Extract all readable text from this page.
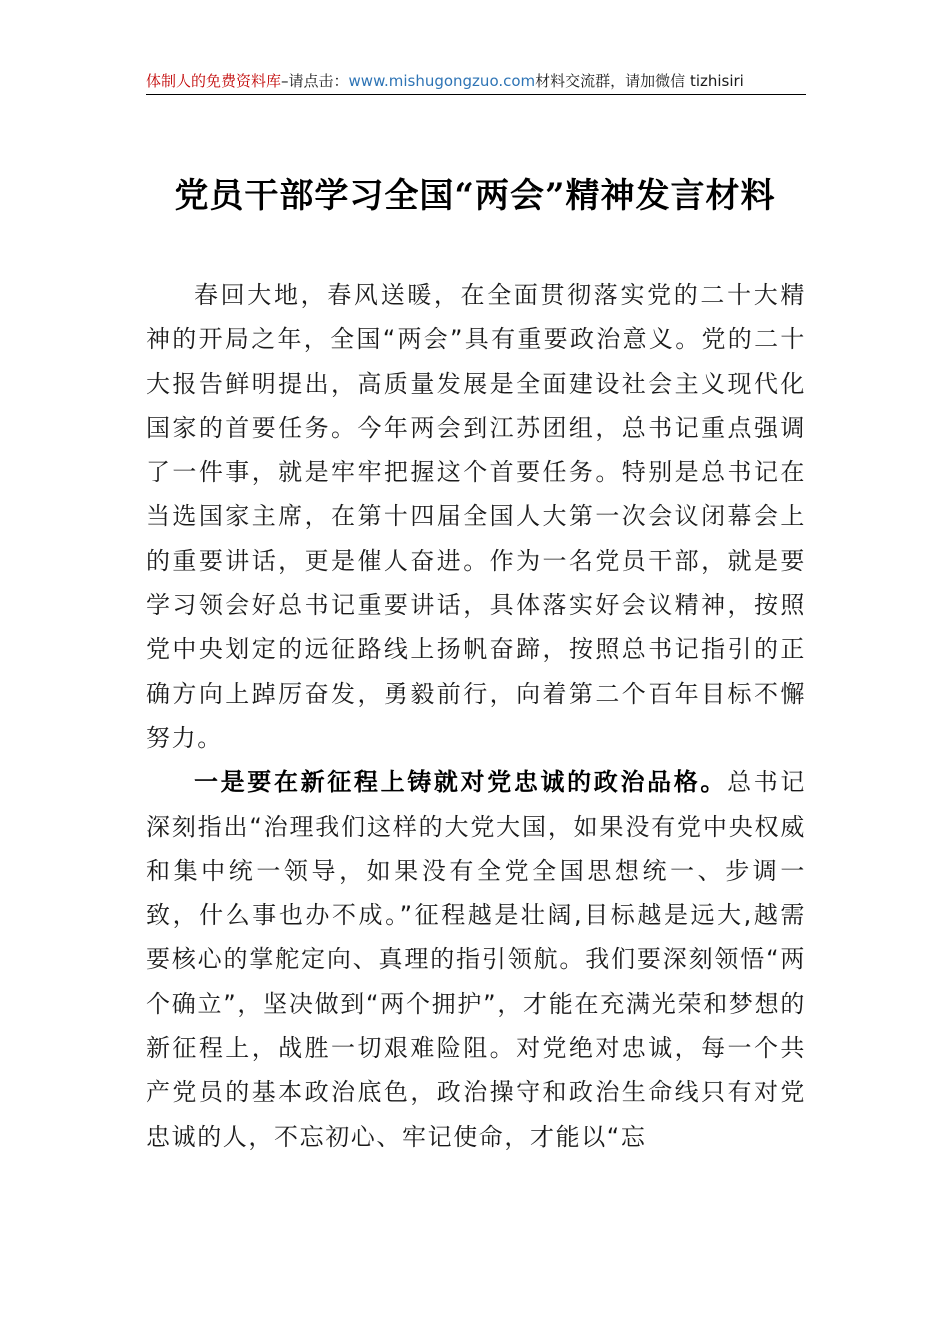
体制人的免费资料库–请点击：www.mishugongzuo.com材料交流群，请加微信 tizhisiri
党员干部学习全国“两会”精神发言材料

春回大地，春风送暖，在全面贯彻落实党的二十大精神的开局之年，全国“两会”具有重要政治意义。党的二十大报告鲜明提出，高质量发展是全面建设社会主义现代化国家的首要任务。今年两会到江苏团组，总书记重点强调了一件事，就是牢牢把握这个首要任务。特别是总书记在当选国家主席，在第十四届全国人大第一次会议闭幕会上的重要讲话，更是催人奋进。作为一名党员干部，就是要学习领会好总书记重要讲话，具体落实好会议精神，按照党中央划定的远征路线上扬帆奋蹄，按照总书记指引的正确方向上踔厉奋发，勇毅前行，向着第二个百年目标不懈努力。

一是要在新征程上铸就对党忠诚的政治品格。总书记深刻指出“治理我们这样的大党大国，如果没有党中央权威和集中统一领导，如果没有全党全国思想统一、步调一致，什么事也办不成。”征程越是壮阔,目标越是远大,越需要核心的掌舵定向、真理的指引领航。我们要深刻领悟“两个确立”，坚决做到“两个拥护”，才能在充满光荣和梦想的新征程上，战胜一切艰难险阻。对党绝对忠诚，每一个共产党员的基本政治底色，政治操守和政治生命线只有对党忠诚的人，不忘初心、牢记使命，才能以“忘
